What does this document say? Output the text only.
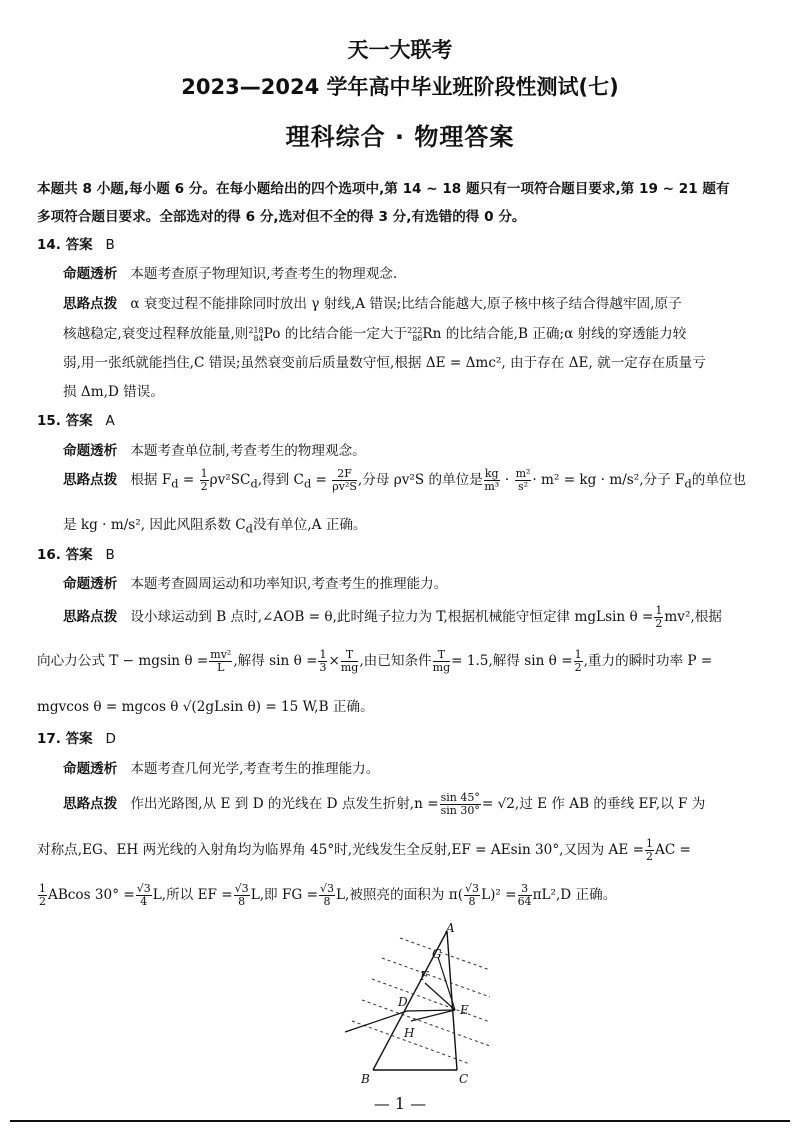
天一大联考
2023—2024 学年高中毕业班阶段性测试(七)
理科综合 · 物理答案
本题共 8 小题,每小题 6 分。在每小题给出的四个选项中,第 14 ~ 18 题只有一项符合题目要求,第 19 ~ 21 题有
多项符合题目要求。全部选对的得 6 分,选对但不全的得 3 分,有选错的得 0 分。
14. 答案 B
命题透析 本题考查原子物理知识,考查考生的物理观念.
思路点拨 α 衰变过程不能排除同时放出 γ 射线,A 错误;比结合能越大,原子核中核子结合得越牢固,原子
核越稳定,衰变过程释放能量,则 218
84 Po 的比结合能一定大于 222
86 Rn 的比结合能,B 正确;α 射线的穿透能力较
弱,用一张纸就能挡住,C 错误;虽然衰变前后质量数守恒,根据 ΔE = Δmc², 由于存在 ΔE, 就一定存在质量亏
损 Δm,D 错误。
15. 答案 A
命题透析 本题考查单位制,考查考生的物理观念。
思路点拨 根据 $F_d = \frac{1}{2} \rho v^2SC_d$,得到 $C_d = \frac{2F}{\text{ρv²S}}$ ,分母 ρv²S 的单位是 $\frac{kg}{\text{m³}} \cdot \frac{\text{m²}}{\text{s²}} \cdot m^2$ = kg · m/s²,分子 $F_d$的单位也
是 kg · m/s², 因此风阻系数 $C_d$没有单位,A 正确。
16. 答案 B
命题透析 本题考查圆周运动和功率知识,考查考生的推理能力。
思路点拨 设小球运动到 B 点时,∠AOB = θ,此时绳子拉力为 T,根据机械能守恒定律 mgLsin $\theta = \frac{1}{2} mv^2$,根据
向心力公式 T − mgsin $\theta = \frac{\text{mv²}}{L}$ ,解得 $\sin \theta = \frac{1}{3} \times \frac{T}{mg}$ ,由已知条件 $\frac{T}{mg} = 1.5$,解得 $\sin \theta = \frac{1}{2}$ ,重力的瞬时功率 P =
mgvcos θ = mgcos θ √(2gLsin θ) = 15 W,B 正确。
17. 答案 D
命题透析 本题考查几何光学,考查考生的推理能力。
思路点拨 作出光路图,从 E 到 D 的光线在 D 点发生折射$,n = \frac{\sin 45^\circ}{\sin 30^\circ} = √2$,过 E 作 AB 的垂线 EF,以 F 为
对称点,EG、EH 两光线的入射角均为临界角 45°时,光线发生全反射,EF = AEsin 30°,又因为 AE = $\frac{1}{2}$ AC =
$\frac{1}{2}$ ABcos $30^\circ = \frac{√3}{4} L$,所以 EF = $\frac{√3}{8} L$,即 FG = $\frac{√3}{8} L$,被照亮的面积为 $\pi( \frac{√3}{8} L)^2 = \frac{3}{64} \pi L^2,D$ 正确。
A
B	C
D
E
F
G
H
— 1 —
